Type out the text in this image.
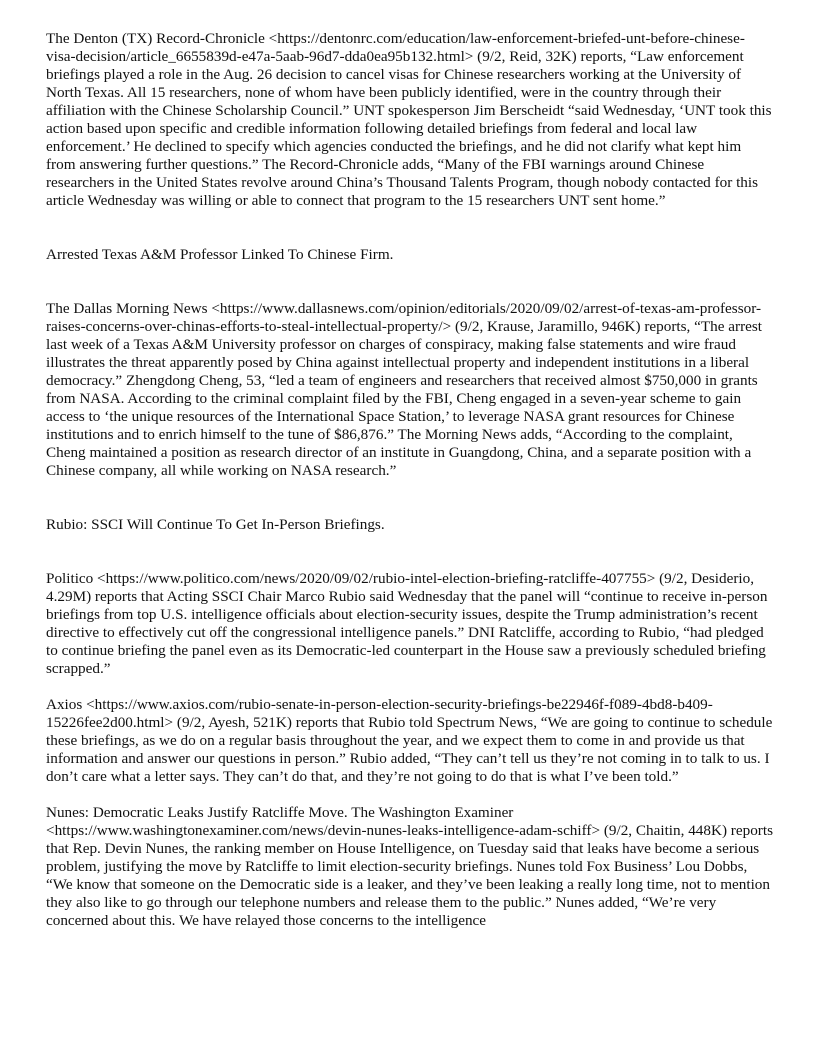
The Denton (TX) Record-Chronicle <https://dentonrc.com/education/law-enforcement-briefed-unt-before-chinese-visa-decision/article_6655839d-e47a-5aab-96d7-dda0ea95b132.html> (9/2, Reid, 32K) reports, “Law enforcement briefings played a role in the Aug. 26 decision to cancel visas for Chinese researchers working at the University of North Texas. All 15 researchers, none of whom have been publicly identified, were in the country through their affiliation with the Chinese Scholarship Council.” UNT spokesperson Jim Berscheidt “said Wednesday, ‘UNT took this action based upon specific and credible information following detailed briefings from federal and local law enforcement.’ He declined to specify which agencies conducted the briefings, and he did not clarify what kept him from answering further questions.” The Record-Chronicle adds, “Many of the FBI warnings around Chinese researchers in the United States revolve around China’s Thousand Talents Program, though nobody contacted for this article Wednesday was willing or able to connect that program to the 15 researchers UNT sent home.”

Arrested Texas A&M Professor Linked To Chinese Firm.

The Dallas Morning News <https://www.dallasnews.com/opinion/editorials/2020/09/02/arrest-of-texas-am-professor-raises-concerns-over-chinas-efforts-to-steal-intellectual-property/> (9/2, Krause, Jaramillo, 946K) reports, “The arrest last week of a Texas A&M University professor on charges of conspiracy, making false statements and wire fraud illustrates the threat apparently posed by China against intellectual property and independent institutions in a liberal democracy.” Zhengdong Cheng, 53, “led a team of engineers and researchers that received almost $750,000 in grants from NASA. According to the criminal complaint filed by the FBI, Cheng engaged in a seven-year scheme to gain access to ‘the unique resources of the International Space Station,’ to leverage NASA grant resources for Chinese institutions and to enrich himself to the tune of $86,876.” The Morning News adds, “According to the complaint, Cheng maintained a position as research director of an institute in Guangdong, China, and a separate position with a Chinese company, all while working on NASA research.”

Rubio: SSCI Will Continue To Get In-Person Briefings.

Politico <https://www.politico.com/news/2020/09/02/rubio-intel-election-briefing-ratcliffe-407755> (9/2, Desiderio, 4.29M) reports that Acting SSCI Chair Marco Rubio said Wednesday that the panel will “continue to receive in-person briefings from top U.S. intelligence officials about election-security issues, despite the Trump administration’s recent directive to effectively cut off the congressional intelligence panels.” DNI Ratcliffe, according to Rubio, “had pledged to continue briefing the panel even as its Democratic-led counterpart in the House saw a previously scheduled briefing scrapped.”

Axios <https://www.axios.com/rubio-senate-in-person-election-security-briefings-be22946f-f089-4bd8-b409-15226fee2d00.html> (9/2, Ayesh, 521K) reports that Rubio told Spectrum News, “We are going to continue to schedule these briefings, as we do on a regular basis throughout the year, and we expect them to come in and provide us that information and answer our questions in person.” Rubio added, “They can’t tell us they’re not coming in to talk to us. I don’t care what a letter says. They can’t do that, and they’re not going to do that is what I’ve been told.”

Nunes: Democratic Leaks Justify Ratcliffe Move. The Washington Examiner <https://www.washingtonexaminer.com/news/devin-nunes-leaks-intelligence-adam-schiff> (9/2, Chaitin, 448K) reports that Rep. Devin Nunes, the ranking member on House Intelligence, on Tuesday said that leaks have become a serious problem, justifying the move by Ratcliffe to limit election-security briefings. Nunes told Fox Business’ Lou Dobbs, “We know that someone on the Democratic side is a leaker, and they’ve been leaking a really long time, not to mention they also like to go through our telephone numbers and release them to the public.” Nunes added, “We’re very concerned about this. We have relayed those concerns to the intelligence
